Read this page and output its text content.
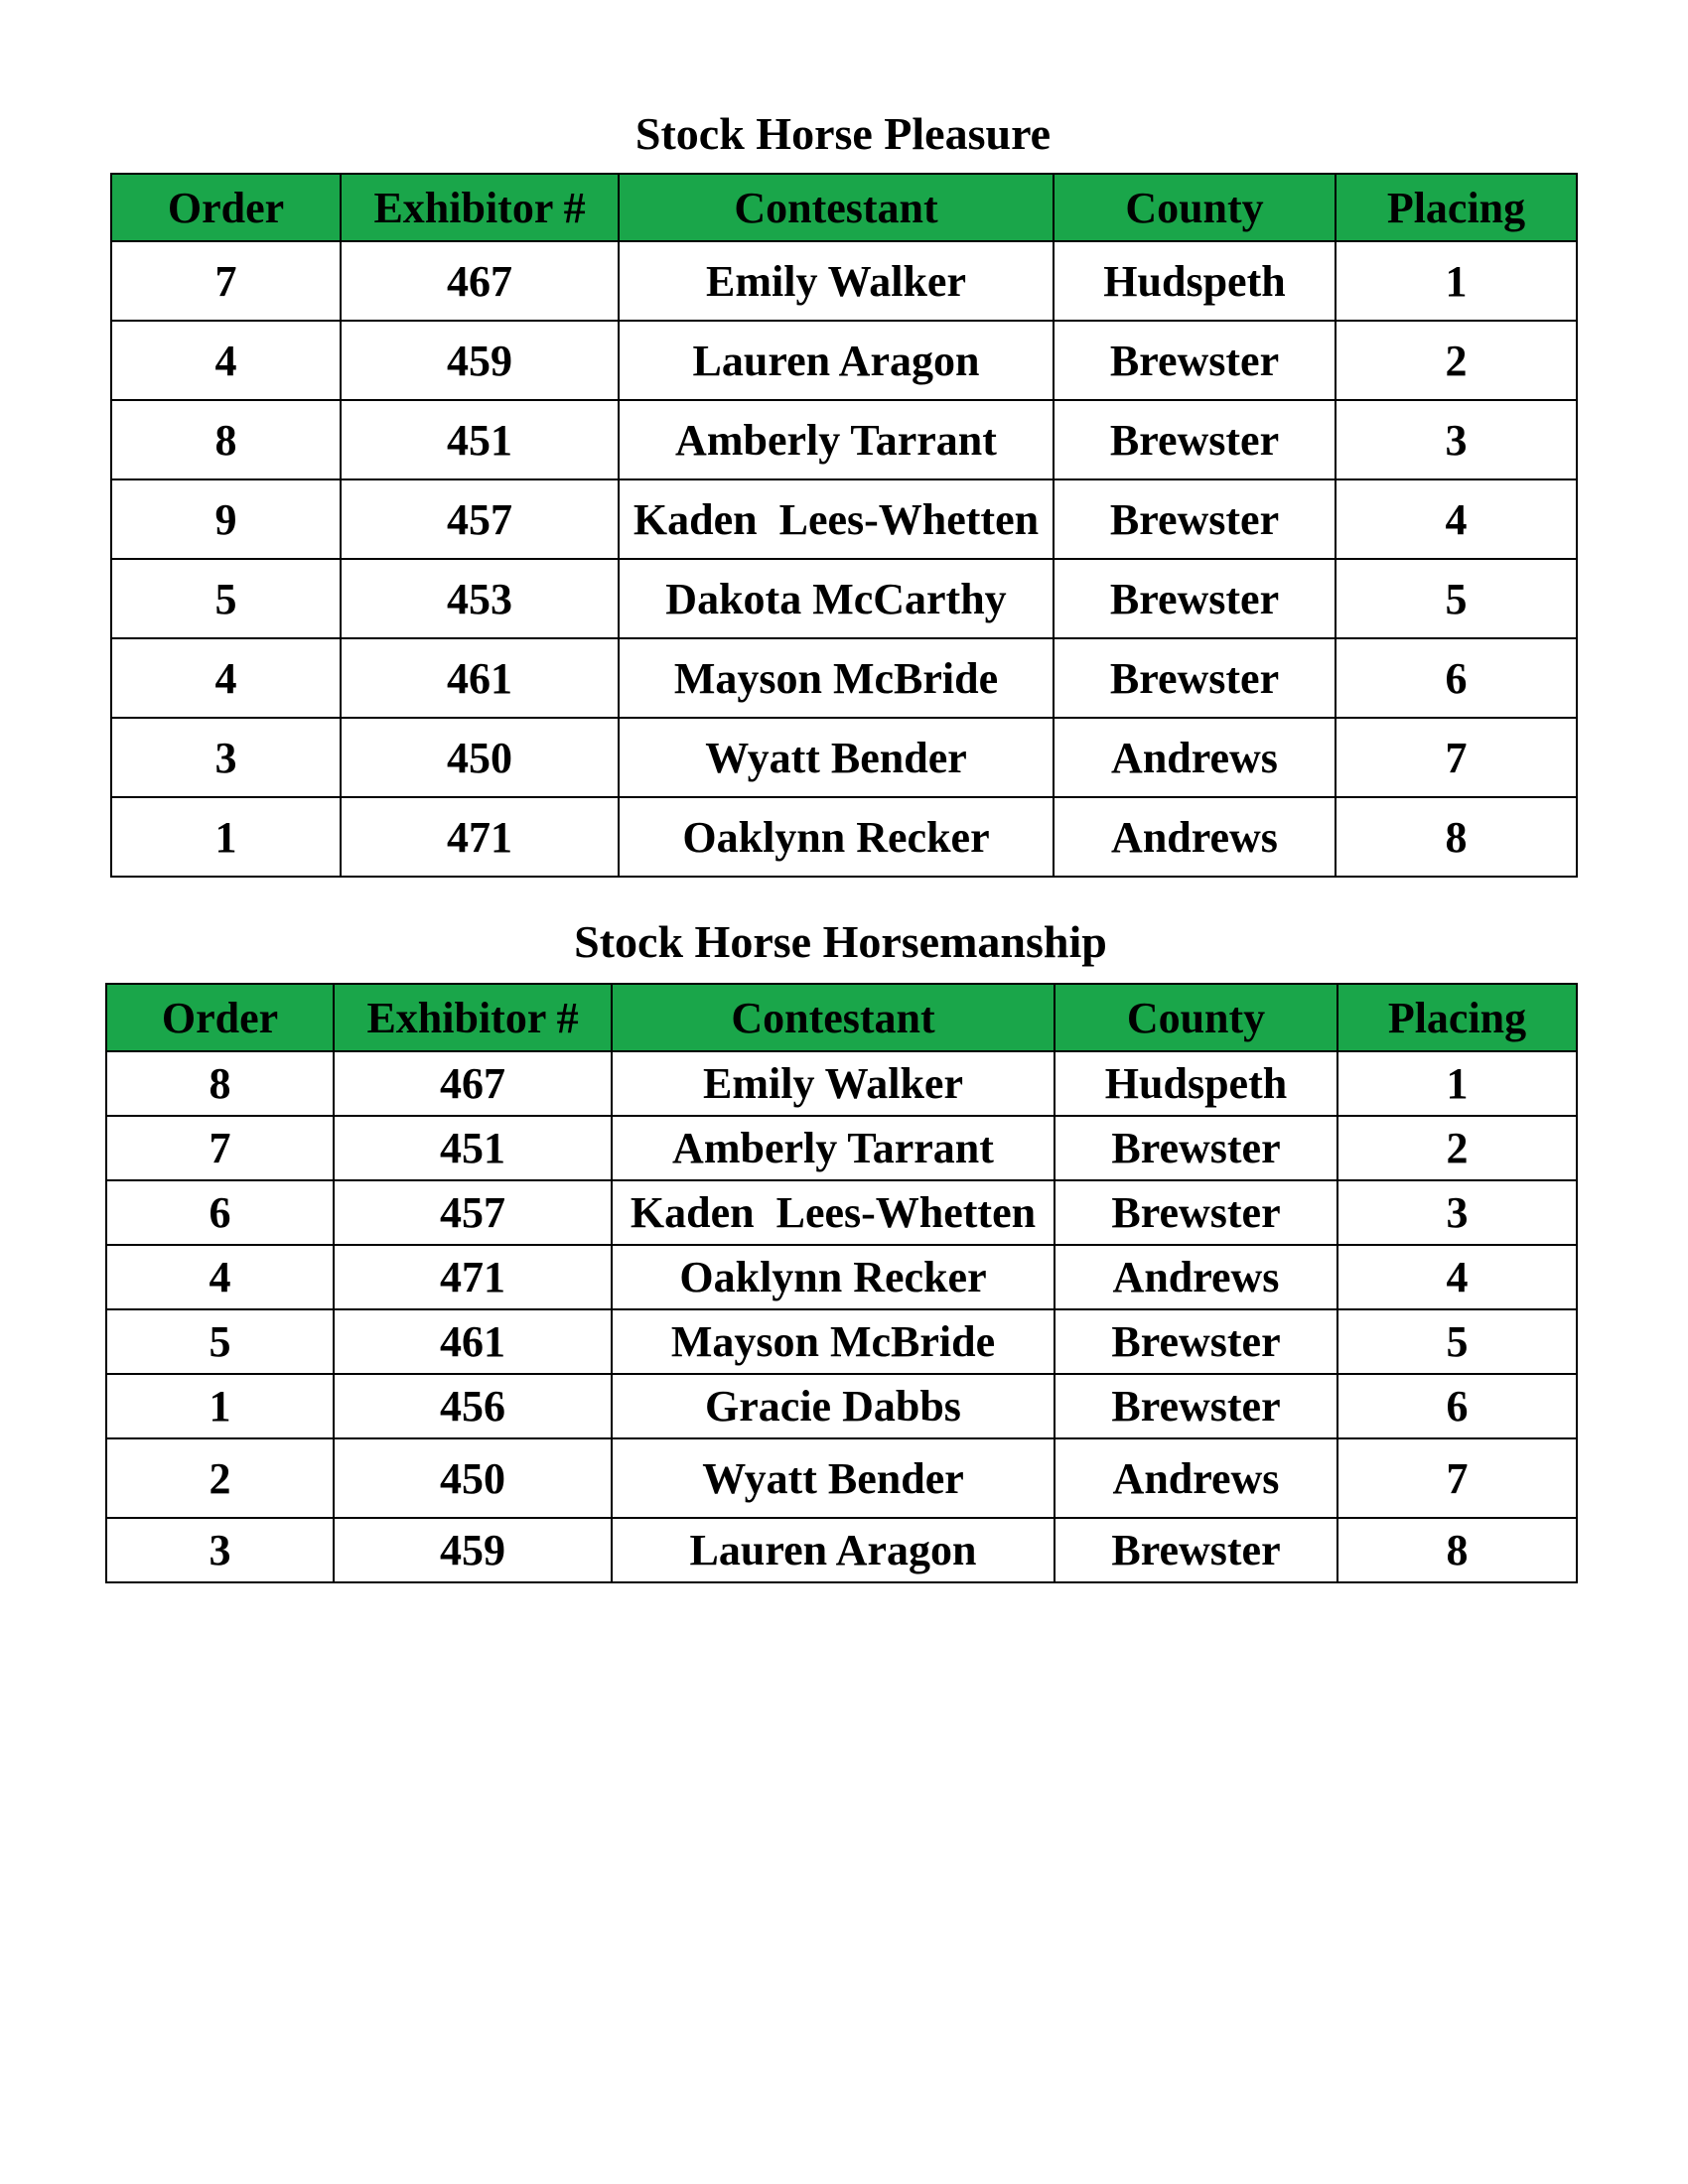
Stock Horse Pleasure
Order	Exhibitor #	Contestant	County	Placing
7	467	Emily Walker	Hudspeth	1
4	459	Lauren Aragon	Brewster	2
8	451	Amberly Tarrant	Brewster	3
9	457	Kaden  Lees-Whetten	Brewster	4
5	453	Dakota McCarthy	Brewster	5
4	461	Mayson McBride	Brewster	6
3	450	Wyatt Bender	Andrews	7
1	471	Oaklynn Recker	Andrews	8
Stock Horse Horsemanship
Order	Exhibitor #	Contestant	County	Placing
8	467	Emily Walker	Hudspeth	1
7	451	Amberly Tarrant	Brewster	2
6	457	Kaden  Lees-Whetten	Brewster	3
4	471	Oaklynn Recker	Andrews	4
5	461	Mayson McBride	Brewster	5
1	456	Gracie Dabbs	Brewster	6
2	450	Wyatt Bender	Andrews	7
3	459	Lauren Aragon	Brewster	8
